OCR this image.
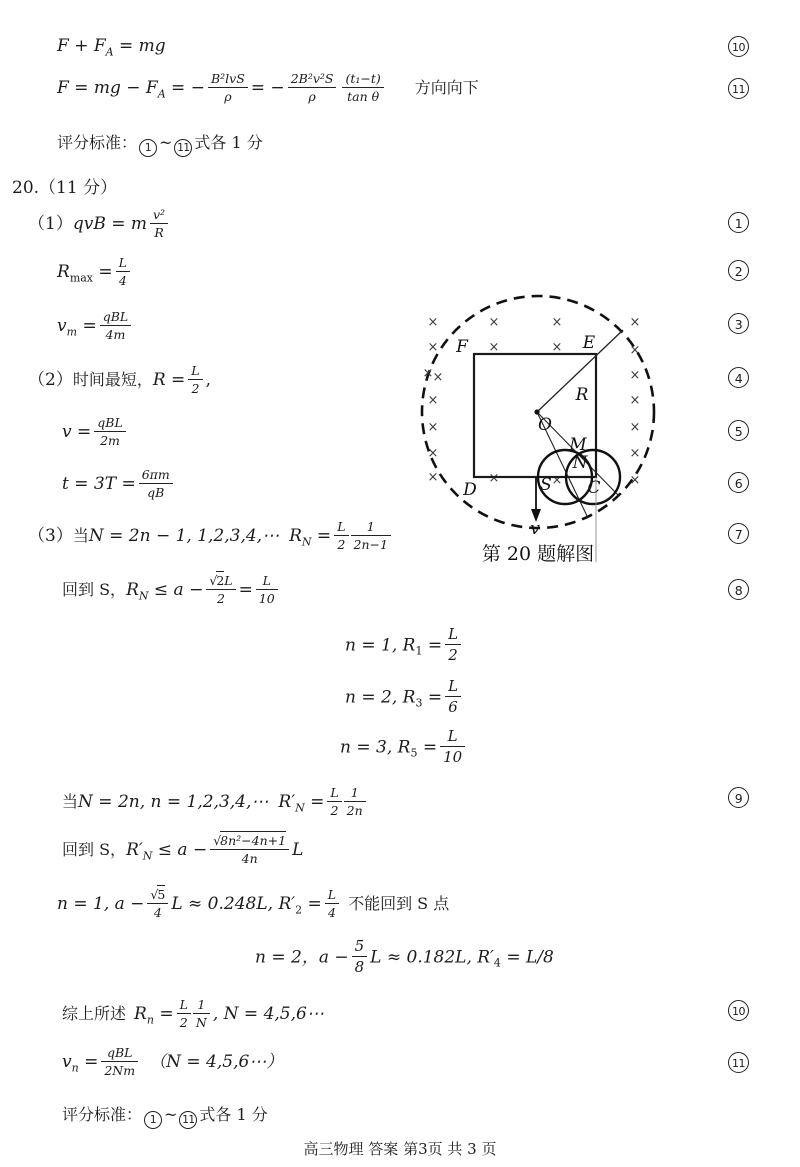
$F + F_A$ = mg	10
F = mg − $F_A$ = − $\frac{\text{B²lvS}}{\rho}$ = − $\frac{\text{2B²v²S}}{\rho} \frac{\text{(t₁−t)}}{\text{tan θ}}$ 方向向下	11
评分标准： 1 ~ 11 式各 1 分
20.（11 分）
（1）qvB = m $\frac{\text{v²}}{R}$	1
$R_{max} = \frac{L}{4}$	2
$v_m = \frac{\text{qBL}}{4m}$	3
（2）时间最短，$R = \frac{L}{2}$ ,	4
$v = \frac{\text{qBL}}{2m}$	5
$t = 3T = \frac{6\pi m}{qB}$	6
（3）当N = 2n − 1, 1,2,3,4,⋯ $R_N = \frac{L}{2} \frac{1}{2n-1}$	7
回到 S，$R_N \le a - \frac{√2L}{2} = \frac{L}{10}$	8
n = 1, $R_1 = \frac{L}{2}$
n = 2, $R_3 = \frac{L}{6}$
n = 3, $R_5 = \frac{L}{10}$
当N = 2n, n = 1,2,3,4,⋯ $R'_N = \frac{L}{2} \frac{1}{2n}$	9
回到 S，$R'_N \le a - \frac{\text{√8n²−4n+1}}{4n}$ L
n = 1, $a - \frac{√5}{4}$ L ≈ 0.248L, $R'_2 = \frac{L}{4}$ 不能回到 S 点
n = 2，$a - \frac{5}{8}$ L ≈ 0.182L, $R'_4 = L/8$
综上所述 $R_n = \frac{L}{2} \frac{1}{N}$ , N = 4,5,6⋯	10
$v_n = \frac{\text{qBL}}{2Nm} (N$ = 4,5,6⋯）	11
评分标准： 1 ~ 11 式各 1 分
×
×
× ×
×
×
×
×
×
×
×
×
×
×
×
×
×
×
×
×
×
F	E
D	C
O
R
M
N
S
v
第 20 题解图
高三物理 答案 第3页 共 3 页
